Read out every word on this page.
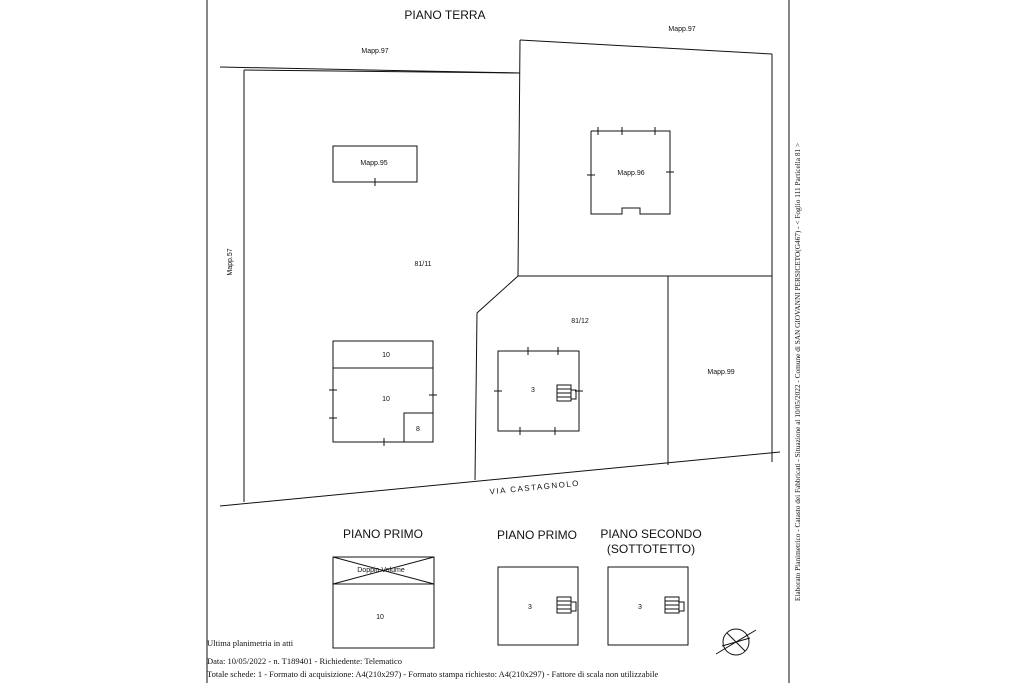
PIANO TERRA
PIANO PRIMO	PIANO PRIMO PIANO SECONDO
(SOTTOTETTO)
Mapp.97
Mapp.97
Mapp.57
Mapp.95
Mapp.96
Mapp.99
81/11
81/12
VIA CASTAGNOLO
10
10
8
3
Doppio Volume
10
3	3
Elaborato Planimetrico - Catasto dei Fabbricati - Situazione al 10/05/2022 - Comune di SAN GIOVANNI PERSICETO(G467) - < Foglio 111 Particella 81 >
Ultima planimetria in atti
Data: 10/05/2022 - n. T189401 - Richiedente: Telematico
Totale schede: 1 - Formato di acquisizione: A4(210x297) - Formato stampa richiesto: A4(210x297) - Fattore di scala non utilizzabile
